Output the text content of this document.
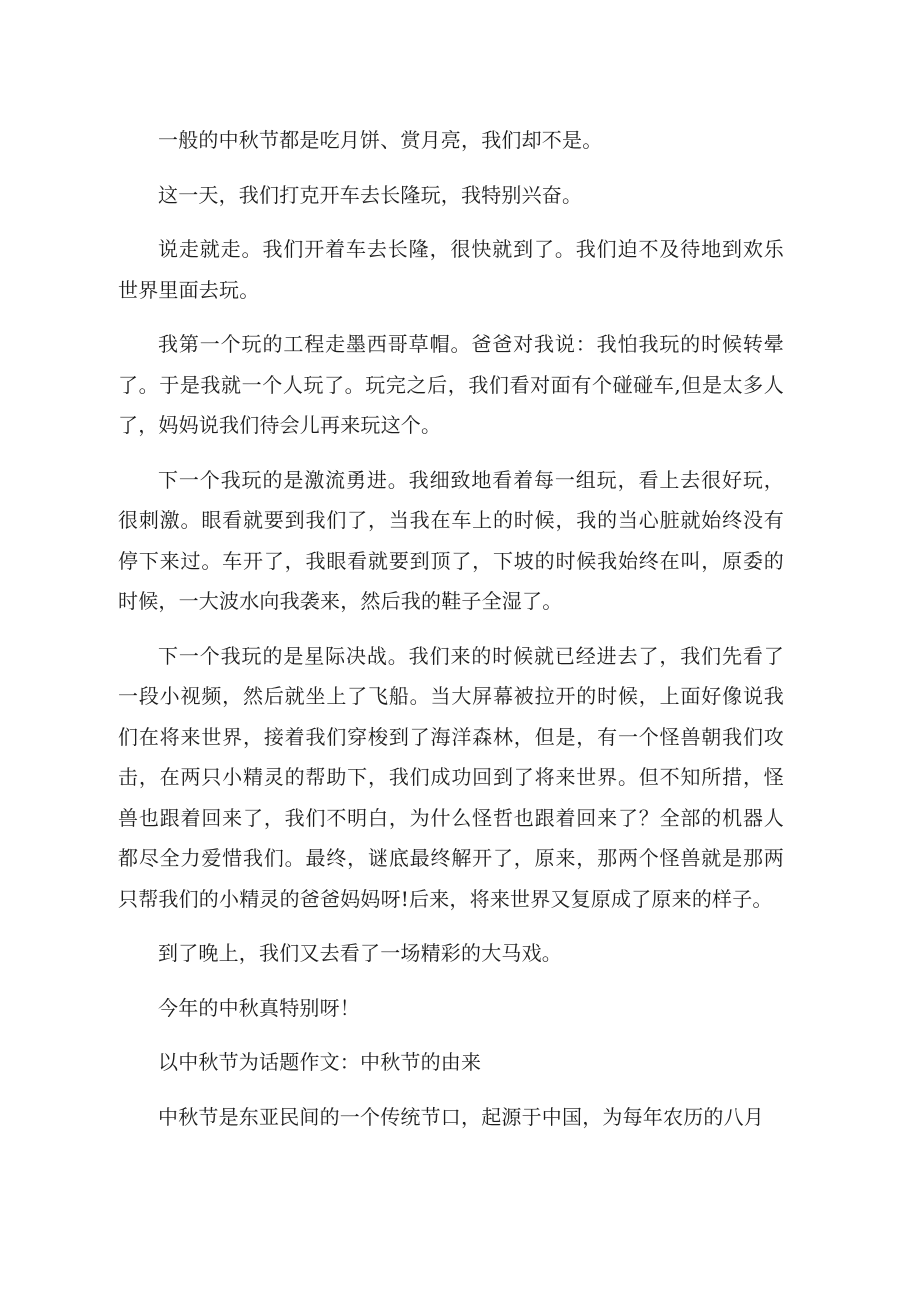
一般的中秋节都是吃月饼、赏月亮，我们却不是。

这一天，我们打克开车去长隆玩，我特别兴奋。

说走就走。我们开着车去长隆，很快就到了。我们迫不及待地到欢乐世界里面去玩。

我第一个玩的工程走墨西哥草帽。爸爸对我说：我怕我玩的时候转晕了。于是我就一个人玩了。玩完之后，我们看对面有个碰碰车,但是太多人了，妈妈说我们待会儿再来玩这个。

下一个我玩的是激流勇进。我细致地看着每一组玩，看上去很好玩，很刺激。眼看就要到我们了，当我在车上的时候，我的当心脏就始终没有停下来过。车开了，我眼看就要到顶了，下坡的时候我始终在叫，原委的时候，一大波水向我袭来，然后我的鞋子全湿了。

下一个我玩的是星际决战。我们来的时候就已经进去了，我们先看了一段小视频，然后就坐上了飞船。当大屏幕被拉开的时候，上面好像说我们在将来世界，接着我们穿梭到了海洋森林，但是，有一个怪兽朝我们攻击，在两只小精灵的帮助下，我们成功回到了将来世界。但不知所措，怪兽也跟着回来了，我们不明白，为什么怪哲也跟着回来了？全部的机器人都尽全力爱惜我们。最终，谜底最终解开了，原来，那两个怪兽就是那两只帮我们的小精灵的爸爸妈妈呀!后来，将来世界又复原成了原来的样子。

到了晚上，我们又去看了一场精彩的大马戏。

今年的中秋真特别呀！

以中秋节为话题作文：中秋节的由来

中秋节是东亚民间的一个传统节口，起源于中国，为每年农历的八月
